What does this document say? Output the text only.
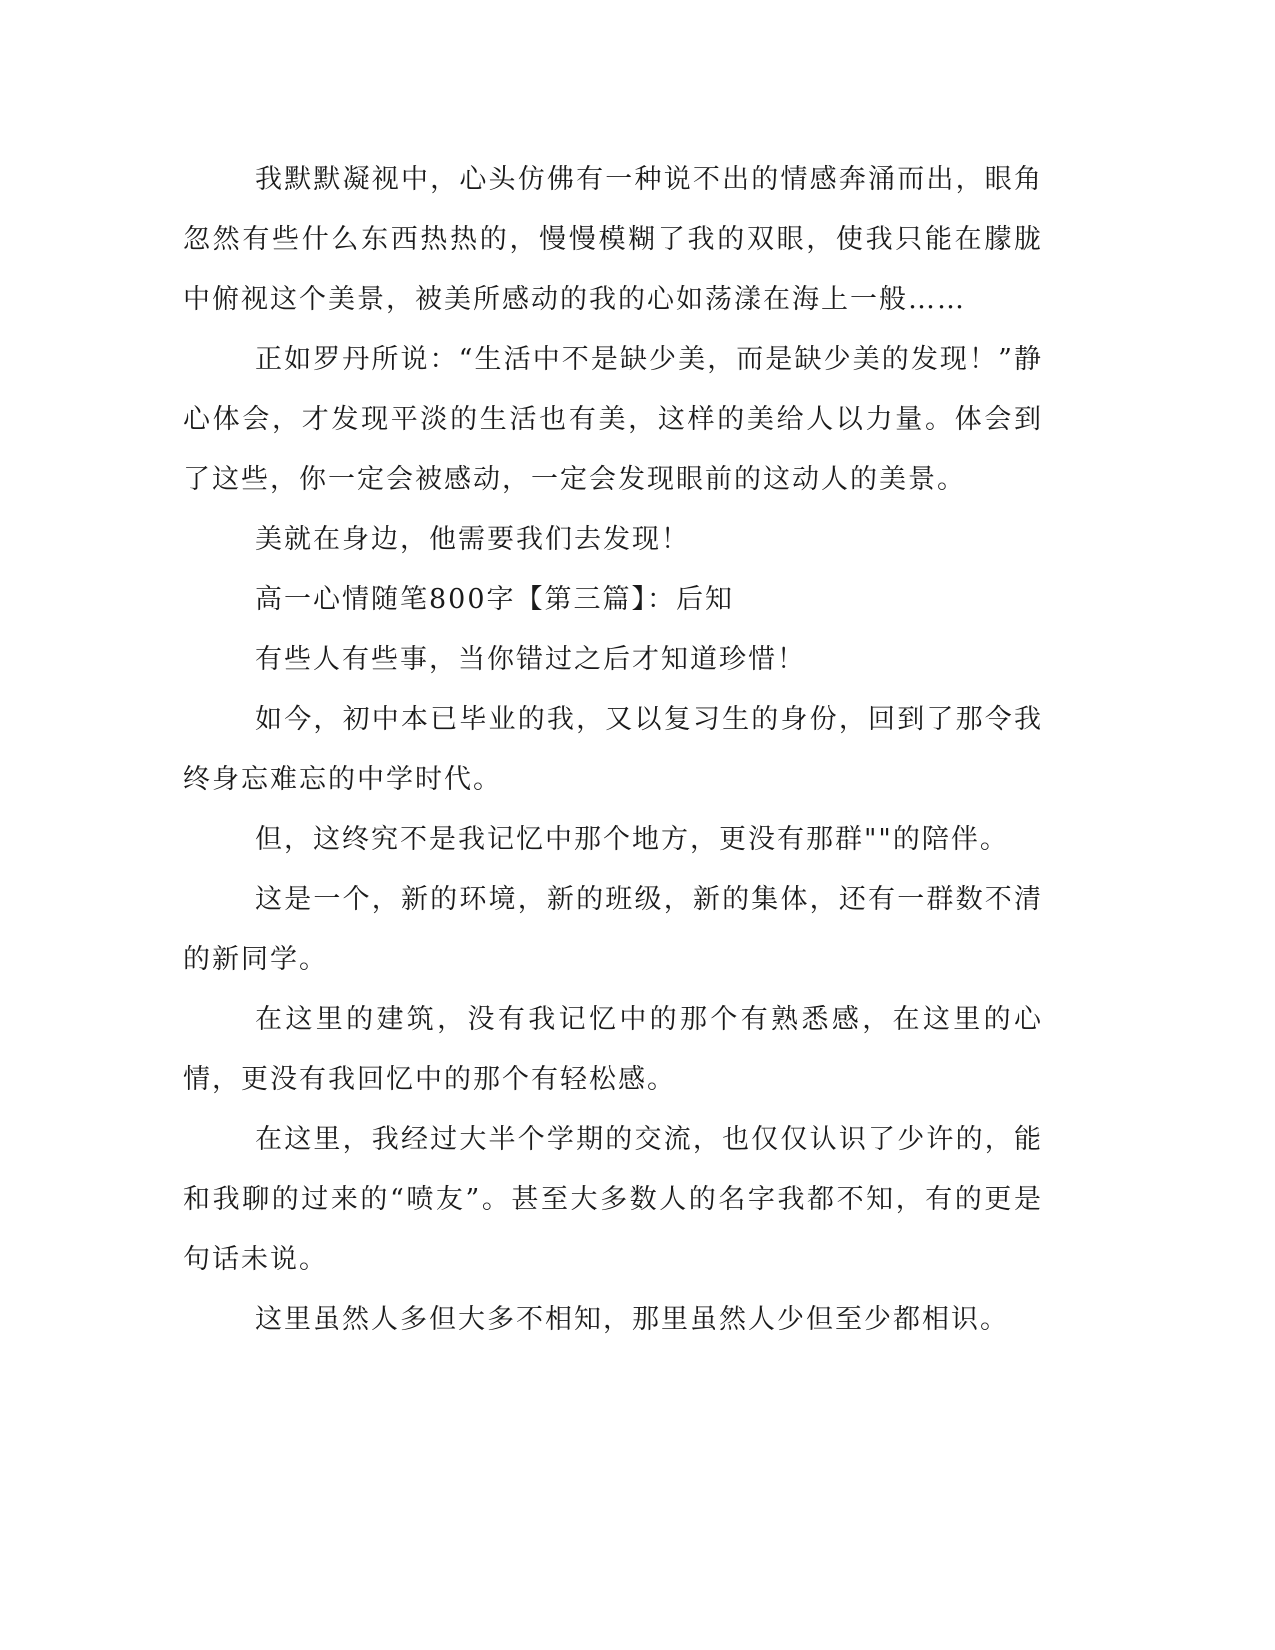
我默默凝视中，心头仿佛有一种说不出的情感奔涌而出，眼角忽然有些什么东西热热的，慢慢模糊了我的双眼，使我只能在朦胧中俯视这个美景，被美所感动的我的心如荡漾在海上一般……

正如罗丹所说：“生活中不是缺少美，而是缺少美的发现！”静心体会，才发现平淡的生活也有美，这样的美给人以力量。体会到了这些，你一定会被感动，一定会发现眼前的这动人的美景。

美就在身边，他需要我们去发现！

高一心情随笔800字【第三篇】：后知

有些人有些事，当你错过之后才知道珍惜！

如今，初中本已毕业的我，又以复习生的身份，回到了那令我终身忘难忘的中学时代。

但，这终究不是我记忆中那个地方，更没有那群""的陪伴。

这是一个，新的环境，新的班级，新的集体，还有一群数不清的新同学。

在这里的建筑，没有我记忆中的那个有熟悉感，在这里的心情，更没有我回忆中的那个有轻松感。

在这里，我经过大半个学期的交流，也仅仅认识了少许的，能和我聊的过来的“喷友”。甚至大多数人的名字我都不知，有的更是句话未说。

这里虽然人多但大多不相知，那里虽然人少但至少都相识。
